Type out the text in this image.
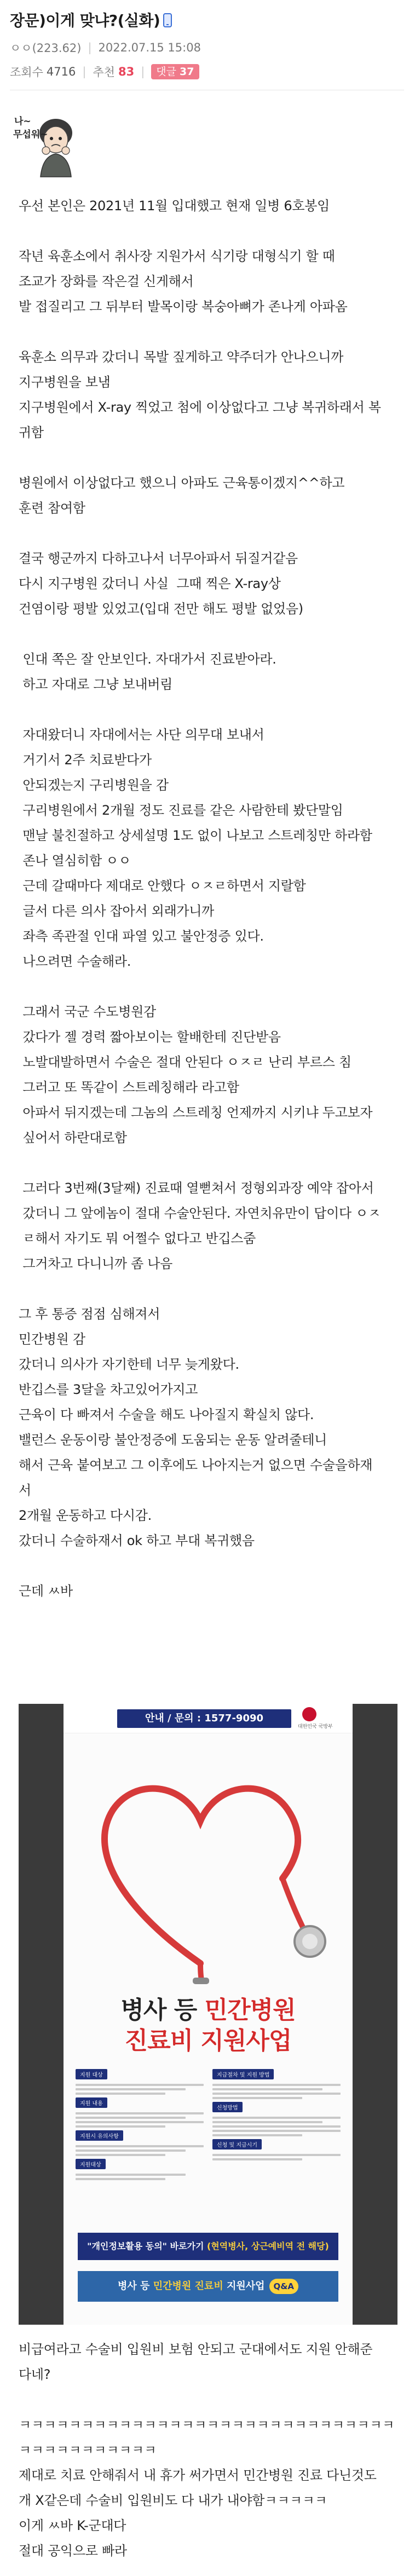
장문)이게 맞냐?(실화)
ㅇㅇ(223.62) | 2022.07.15 15:08
조회수 4716 | 추천 83 |	댓글 37
나~
무섭워~

우선 본인은 2021년 11월 입대했고 현재 일병 6호봉임

작년 육훈소에서 취사장 지원가서 식기랑 대형식기 할 때

조교가 장화를 작은걸 신게해서

발 접질리고 그 뒤부터 발목이랑 복숭아뼈가 존나게 아파옴

육훈소 의무과 갔더니 목발 짚게하고 약주더가 안나으니까

지구병원을 보냄

지구병원에서 X-ray 찍었고 첨에 이상없다고 그냥 복귀하래서 복

귀함

병원에서 이상없다고 했으니 아파도 근육통이겠지^^하고

훈련 참여함

결국 행군까지 다하고나서 너무아파서 뒤질거같음

다시 지구병원 갔더니 사실  그때 찍은 X-ray상

건염이랑 평발 있었고(입대 전만 해도 평발 없었음)

인대 쪽은 잘 안보인다. 자대가서 진료받아라.

하고 자대로 그냥 보내버림

자대왔더니 자대에서는 사단 의무대 보내서

거기서 2주 치료받다가

안되겠는지 구리병원을 감

구리병원에서 2개월 정도 진료를 같은 사람한테 봤단말임

맨날 불친절하고 상세설명 1도 없이 나보고 스트레칭만 하라함

존나 열심히함 ㅇㅇ

근데 갈때마다 제대로 안했다 ㅇㅈㄹ하면서 지랄함

글서 다른 의사 잡아서 외래가니까

좌측 족관절 인대 파열 있고 불안정증 있다.

나으려면 수술해라.

그래서 국군 수도병원감

갔다가 젤 경력 짧아보이는 할배한테 진단받음

노발대발하면서 수술은 절대 안된다 ㅇㅈㄹ 난리 부르스 침

그러고 또 똑같이 스트레칭해라 라고함

아파서 뒤지겠는데 그놈의 스트레칭 언제까지 시키냐 두고보자

싶어서 하란대로함

그러다 3번째(3달째) 진료때 열뻗쳐서 정형외과장 예약 잡아서

갔더니 그 앞에놈이 절대 수술안된다. 자연치유만이 답이다 ㅇㅈ

ㄹ해서 자기도 뭐 어쩔수 없다고 반깁스줌

그거차고 다니니까 좀 나음

그 후 통증 점점 심해져서

민간병원 감

갔더니 의사가 자기한테 너무 늦게왔다.

반깁스를 3달을 차고있어가지고

근육이 다 빠져서 수술을 해도 나아질지 확실치 않다.

밸런스 운동이랑 불안정증에 도움되는 운동 알려줄테니

해서 근육 붙여보고 그 이후에도 나아지는거 없으면 수술을하재

서

2개월 운동하고 다시감.

갔더니 수술하재서 ok 하고 부대 복귀했음

근데 ㅆ바

안내 / 문의 : 1577-9090
대한민국 국방부
병사 등 민간병원
진료비 지원사업
지원 대상
지원 내용
지원시 유의사항
지원대상
지급절차 및 지원 방법
신청방법
신청 및 지급시기
"개인정보활용 동의" 바로가기 (현역병사, 상근예비역 전 해당)
병사 등 민간병원 진료비 지원사업 Q&A

비급여라고 수술비 입원비 보험 안되고 군대에서도 지원 안해준

다네?

ㅋㅋㅋㅋㅋㅋㅋㅋㅋㅋㅋㅋㅋㅋㅋㅋㅋㅋㅋㅋㅋㅋㅋㅋㅋㅋㅋㅋㅋㅋ

ㅋㅋㅋㅋㅋㅋㅋㅋㅋㅋㅋ

제대로 치료 안해줘서 내 휴가 써가면서 민간병원 진료 다닌것도

개 X같은데 수술비 입원비도 다 내가 내야함ㅋㅋㅋㅋㅋ

이게 ㅆ바 K-군대다

절대 공익으로 빠라
